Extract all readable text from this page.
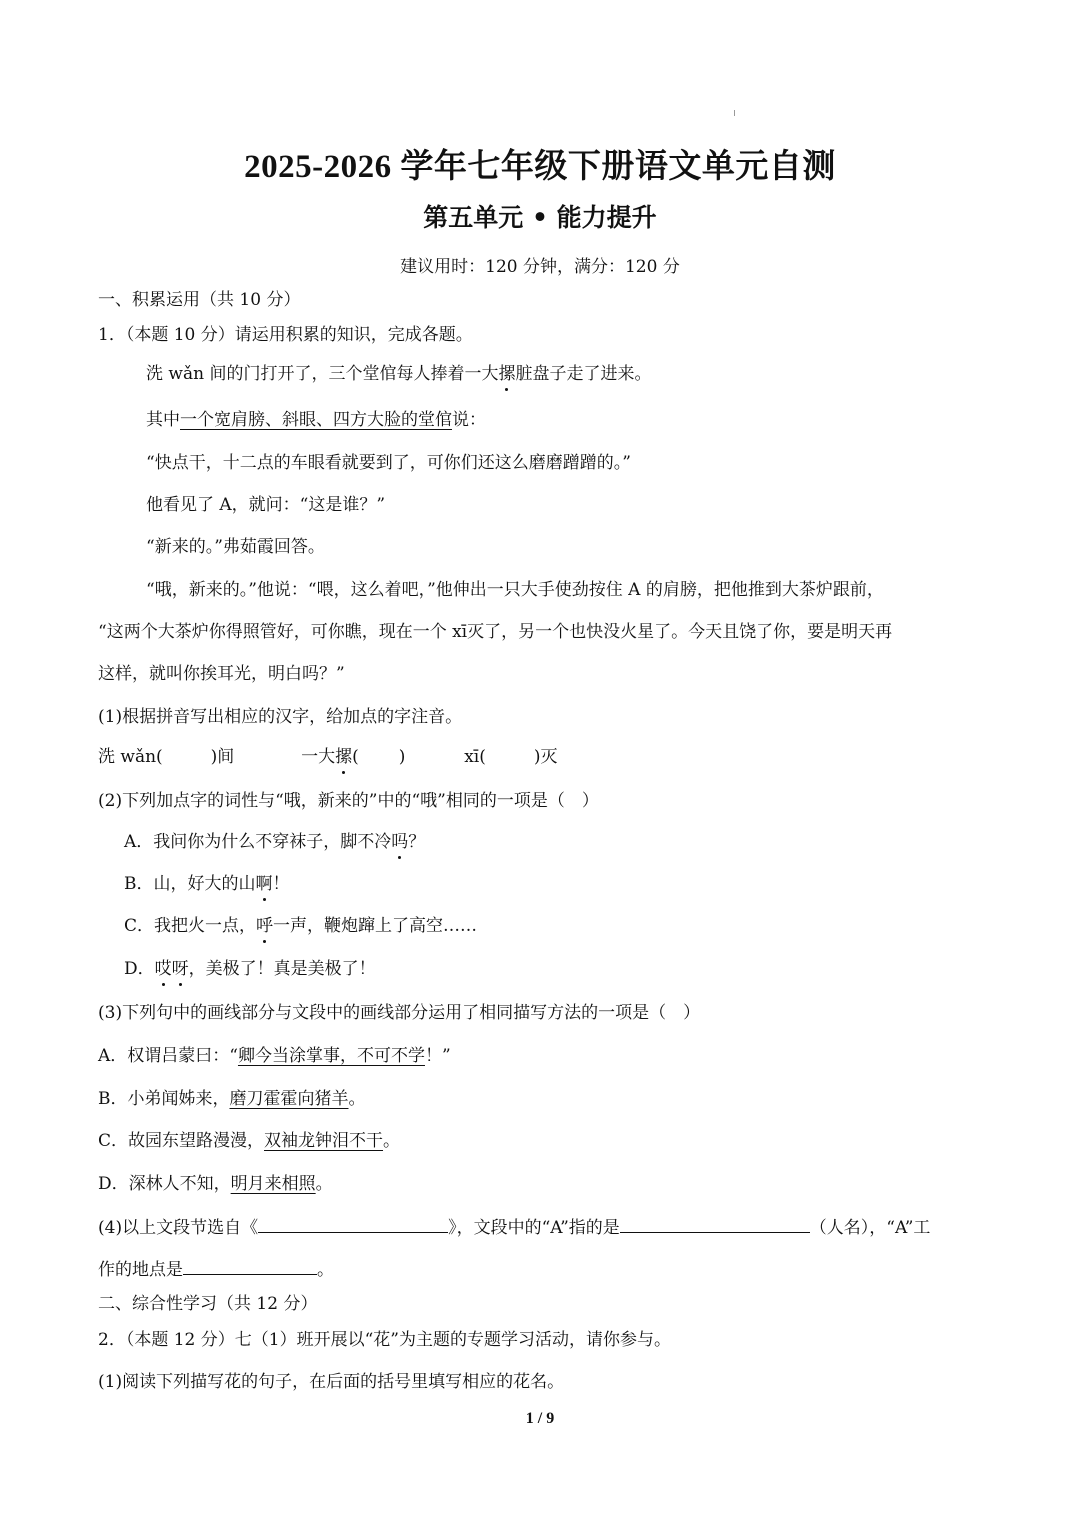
2025-2026 学年七年级下册语文单元自测
第五单元 • 能力提升
建议用时：120 分钟，满分：120 分
一、积累运用（共 10 分）
1．（本题 10 分）请运用积累的知识，完成各题。
洗 wǎn 间的门打开了，三个堂倌每人捧着一大摞脏盘子走了进来。
其中一个宽肩膀、斜眼、四方大脸的堂倌说：
“快点干，十二点的车眼看就要到了，可你们还这么磨磨蹭蹭的。”
他看见了 A，就问：“这是谁？”
“新来的。”弗茹霞回答。
“哦，新来的。”他说：“喂，这么着吧，”他伸出一只大手使劲按住 A 的肩膀，把他推到大茶炉跟前，
“这两个大茶炉你得照管好，可你瞧，现在一个 xī灭了，另一个也快没火星了。今天且饶了你，要是明天再
这样，就叫你挨耳光，明白吗？”
(1)根据拼音写出相应的汉字，给加点的字注音。
洗 wǎn(	)间	一大摞( )	xī(	)灭
(2)下列加点字的词性与“哦，新来的”中的“哦”相同的一项是（　）
A．我问你为什么不穿袜子，脚不冷吗？
B．山，好大的山啊！
C．我把火一点，呼一声，鞭炮蹿上了高空……
D．哎呀，美极了！真是美极了！
(3)下列句中的画线部分与文段中的画线部分运用了相同描写方法的一项是（　）
A．权谓吕蒙曰：“卿今当涂掌事，不可不学！”
B．小弟闻姊来，磨刀霍霍向猪羊。
C．故园东望路漫漫，双袖龙钟泪不干。
D．深林人不知，明月来相照。
(4)以上文段节选自《	》，文段中的“A”指的是	（人名），“A”工
作的地点是	。
二、综合性学习（共 12 分）
2．（本题 12 分）七（1）班开展以“花”为主题的专题学习活动，请你参与。
(1)阅读下列描写花的句子，在后面的括号里填写相应的花名。
1 / 9
